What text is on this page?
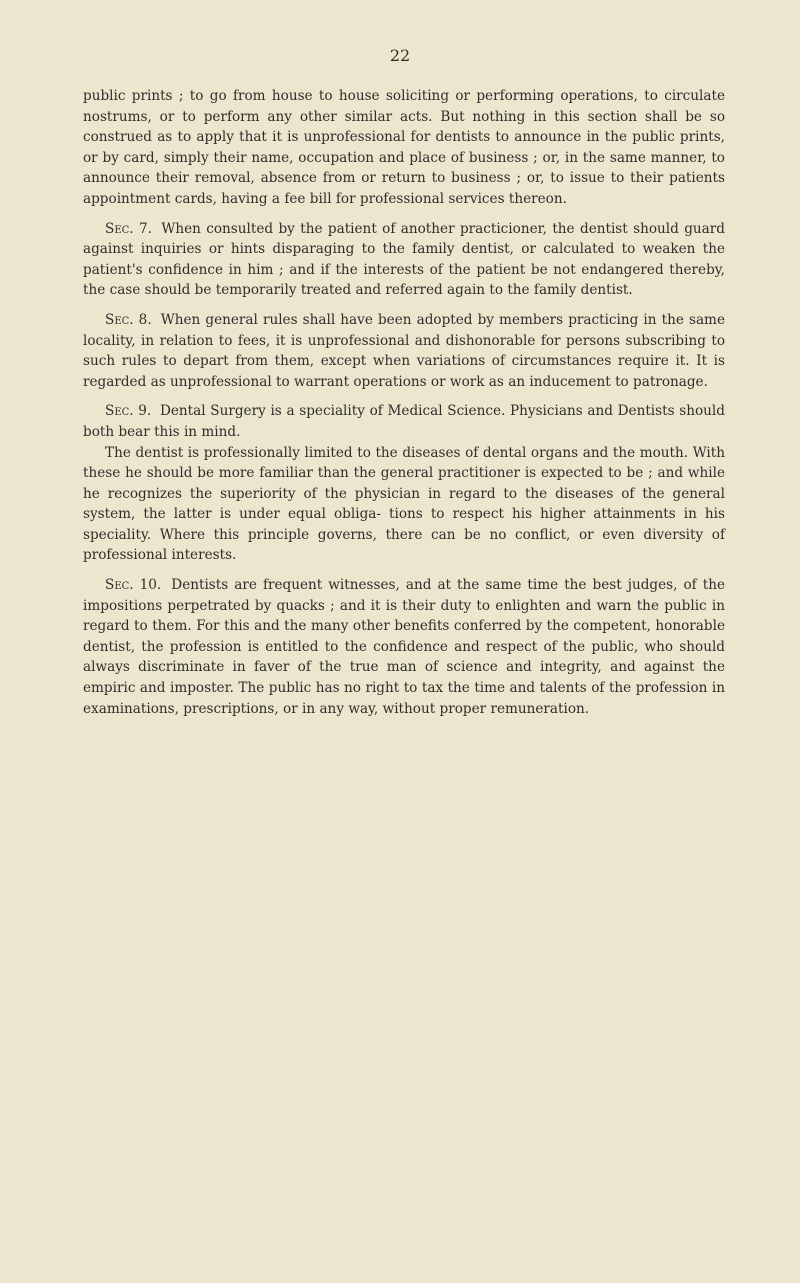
22

public prints ; to go from house to house soliciting or performing operations, to circulate nostrums, or to perform any other similar acts. But nothing in this section shall be so construed as to apply that it is unprofessional for dentists to announce in the public prints, or by card, simply their name, occupation and place of business ; or, in the same manner, to announce their removal, absence from or return to business ; or, to issue to their patients appointment cards, having a fee bill for professional services thereon.

Sec. 7. When consulted by the patient of another practicioner, the dentist should guard against inquiries or hints disparaging to the family dentist, or calculated to weaken the patient's confidence in him ; and if the interests of the patient be not endangered thereby, the case should be temporarily treated and referred again to the family dentist.

Sec. 8. When general rules shall have been adopted by members practicing in the same locality, in relation to fees, it is unprofessional and dishonorable for persons subscribing to such rules to depart from them, except when variations of circumstances require it. It is regarded as unprofessional to warrant operations or work as an inducement to patronage.

Sec. 9. Dental Surgery is a speciality of Medical Science. Physicians and Dentists should both bear this in mind.

The dentist is professionally limited to the diseases of dental organs and the mouth. With these he should be more familiar than the general practitioner is expected to be ; and while he recognizes the superiority of the physician in regard to the diseases of the general system, the latter is under equal obliga- tions to respect his higher attainments in his speciality. Where this principle governs, there can be no conflict, or even diversity of professional interests.

Sec. 10. Dentists are frequent witnesses, and at the same time the best judges, of the impositions perpetrated by quacks ; and it is their duty to enlighten and warn the public in regard to them. For this and the many other benefits conferred by the competent, honorable dentist, the profession is entitled to the confidence and respect of the public, who should always discriminate in faver of the true man of science and integrity, and against the empiric and imposter. The public has no right to tax the time and talents of the profession in examinations, prescriptions, or in any way, without proper remuneration.
